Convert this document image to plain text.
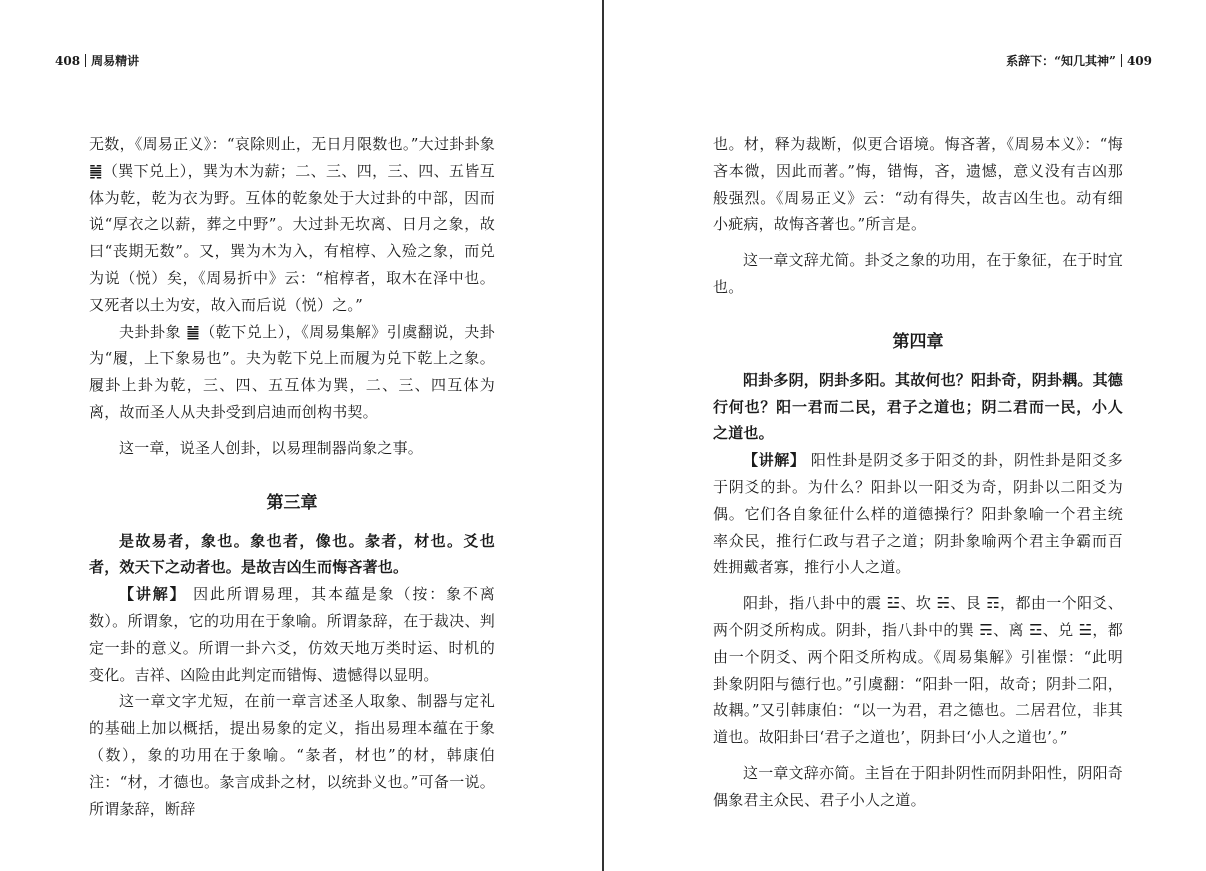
408 周易精讲

无数，《周易正义》：“哀除则止，无日月限数也。”大过卦卦象 ䷛（巽下兑上），巽为木为薪；二、三、四，三、四、五皆互体为乾，乾为衣为野。互体的乾象处于大过卦的中部，因而说“厚衣之以薪，葬之中野”。大过卦无坎离、日月之象，故曰“丧期无数”。又，巽为木为入，有棺椁、入殓之象，而兑为说（悦）矣，《周易折中》云：“棺椁者，取木在泽中也。又死者以土为安，故入而后说（悦）之。”

夬卦卦象 ䷪（乾下兑上），《周易集解》引虞翻说，夬卦为“履，上下象易也”。夬为乾下兑上而履为兑下乾上之象。履卦上卦为乾，三、四、五互体为巽，二、三、四互体为离，故而圣人从夬卦受到启迪而创构书契。

这一章，说圣人创卦，以易理制器尚象之事。

第三章

是故易者，象也。象也者，像也。彖者，材也。爻也者，效天下之动者也。是故吉凶生而悔吝著也。

【讲解】 因此所谓易理，其本蕴是象（按：象不离数）。所谓象，它的功用在于象喻。所谓彖辞，在于裁决、判定一卦的意义。所谓一卦六爻，仿效天地万类时运、时机的变化。吉祥、凶险由此判定而错悔、遗憾得以显明。

这一章文字尤短，在前一章言述圣人取象、制器与定礼的基础上加以概括，提出易象的定义，指出易理本蕴在于象（数），象的功用在于象喻。“彖者，材也”的材，韩康伯注：“材，才德也。彖言成卦之材，以统卦义也。”可备一说。所谓彖辞，断辞

系辞下：“知几其神” 409

也。材，释为裁断，似更合语境。悔吝著，《周易本义》：“悔吝本微，因此而著。”悔，错悔，吝，遗憾，意义没有吉凶那般强烈。《周易正义》云：“动有得失，故吉凶生也。动有细小疵病，故悔吝著也。”所言是。

这一章文辞尤简。卦爻之象的功用，在于象征，在于时宜也。

第四章

阳卦多阴，阴卦多阳。其故何也？阳卦奇，阴卦耦。其德行何也？阳一君而二民，君子之道也；阴二君而一民，小人之道也。

【讲解】 阳性卦是阴爻多于阳爻的卦，阴性卦是阳爻多于阴爻的卦。为什么？阳卦以一阳爻为奇，阴卦以二阳爻为偶。它们各自象征什么样的道德操行？阳卦象喻一个君主统率众民，推行仁政与君子之道；阴卦象喻两个君主争霸而百姓拥戴者寡，推行小人之道。

阳卦，指八卦中的震 ☳、坎 ☵、艮 ☶，都由一个阳爻、两个阴爻所构成。阴卦，指八卦中的巽 ☴、离 ☲、兑 ☱，都由一个阴爻、两个阳爻所构成。《周易集解》引崔憬：“此明卦象阴阳与德行也。”引虞翻：“阳卦一阳，故奇；阴卦二阳，故耦。”又引韩康伯：“以一为君，君之德也。二居君位，非其道也。故阳卦曰‘君子之道也’，阴卦曰‘小人之道也’。”

这一章文辞亦简。主旨在于阳卦阴性而阴卦阳性，阴阳奇偶象君主众民、君子小人之道。
